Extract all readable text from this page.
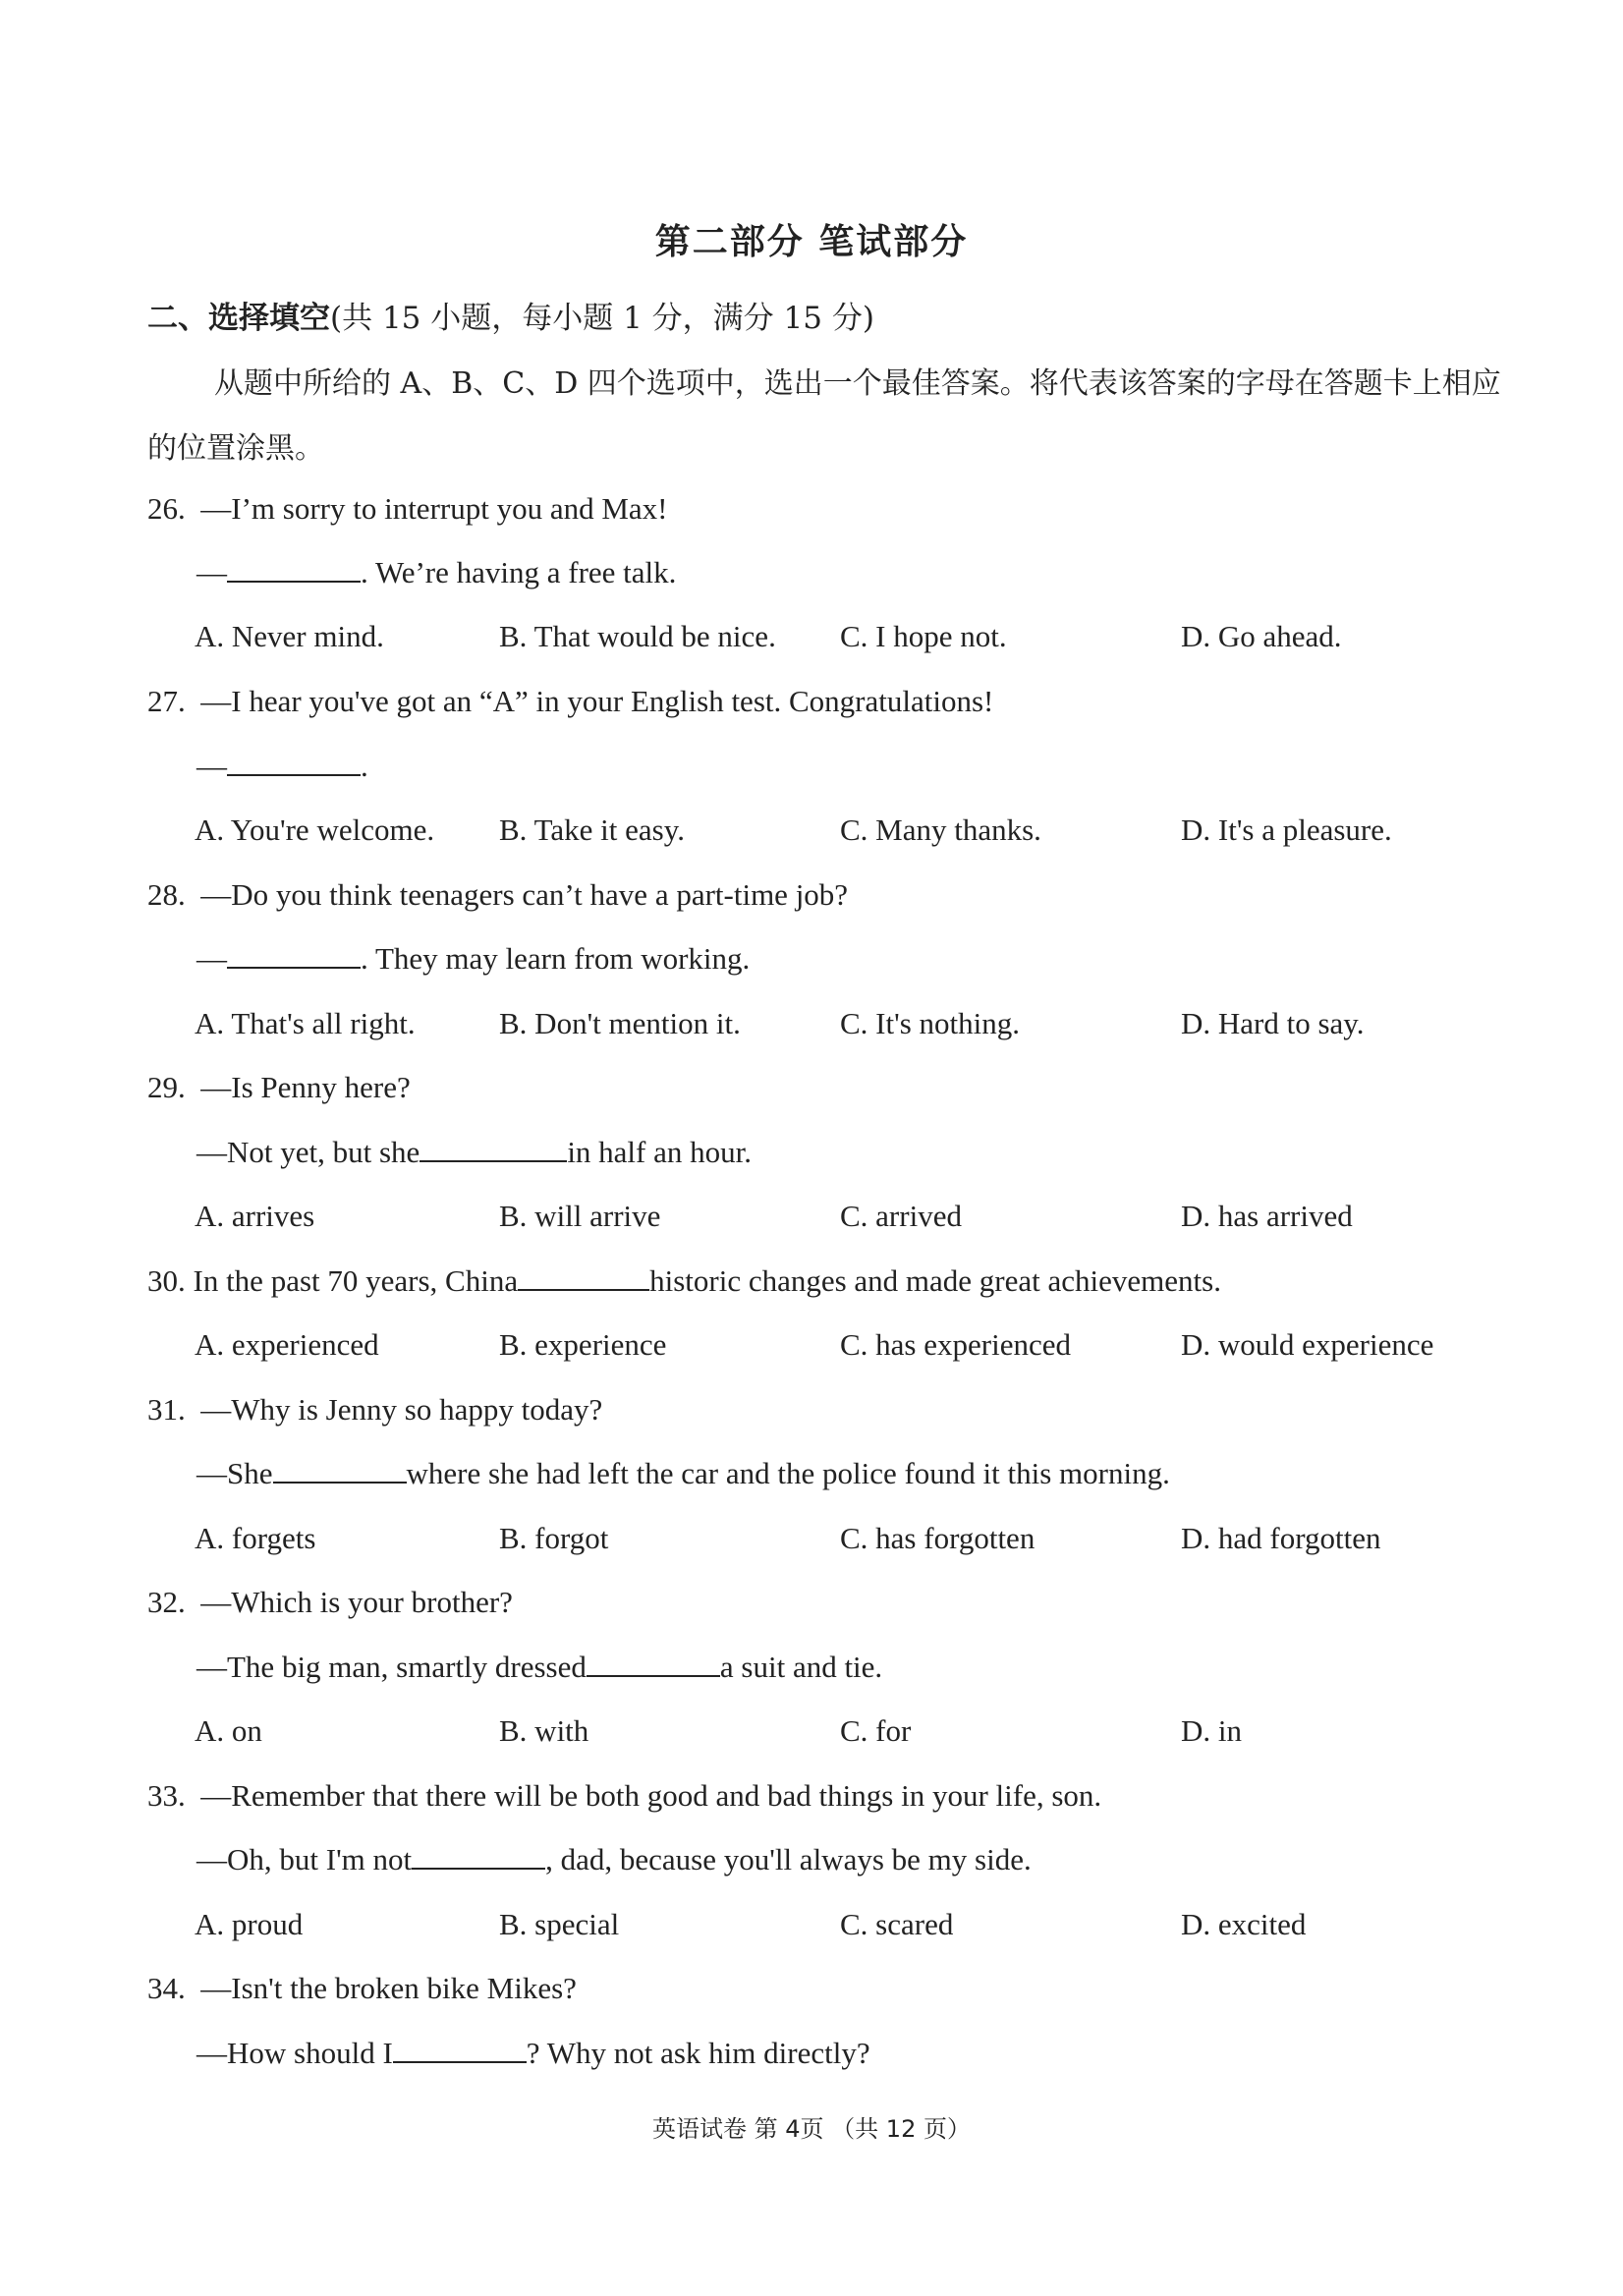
第二部分 笔试部分
二、选择填空(共 15 小题，每小题 1 分，满分 15 分)
从题中所给的 A、B、C、D 四个选项中，选出一个最佳答案。将代表该答案的字母在答题卡上相应的位置涂黑。
26. —I’m sorry to interrupt you and Max!
—	. We’re having a free talk.
A. Never mind.	B. That would be nice. C. I hope not.	D. Go ahead.
27. —I hear you've got an “A” in your English test. Congratulations!
—	.
A. You're welcome. B. Take it easy.	C. Many thanks.	D. It's a pleasure.
28. —Do you think teenagers can’t have a part-time job?
—	. They may learn from working.
A. That's all right.	B. Don't mention it.	C. It's nothing.	D. Hard to say.
29. —Is Penny here?
—Not yet, but she	in half an hour.
A. arrives	B. will arrive	C. arrived	D. has arrived
30. In the past 70 years, China	historic changes and made great achievements.
A. experienced	B. experience	C. has experienced	D. would experience
31. —Why is Jenny so happy today?
—She	where she had left the car and the police found it this morning.
A. forgets	B. forgot	C. has forgotten	D. had forgotten
32. —Which is your brother?
—The big man, smartly dressed	a suit and tie.
A. on	B. with	C. for	D. in
33. —Remember that there will be both good and bad things in your life, son.
—Oh, but I'm not	, dad, because you'll always be my side.
A. proud	B. special	C. scared	D. excited
34. —Isn't the broken bike Mikes?
—How should I	? Why not ask him directly?
英语试卷 第 4页 （共 12 页）
